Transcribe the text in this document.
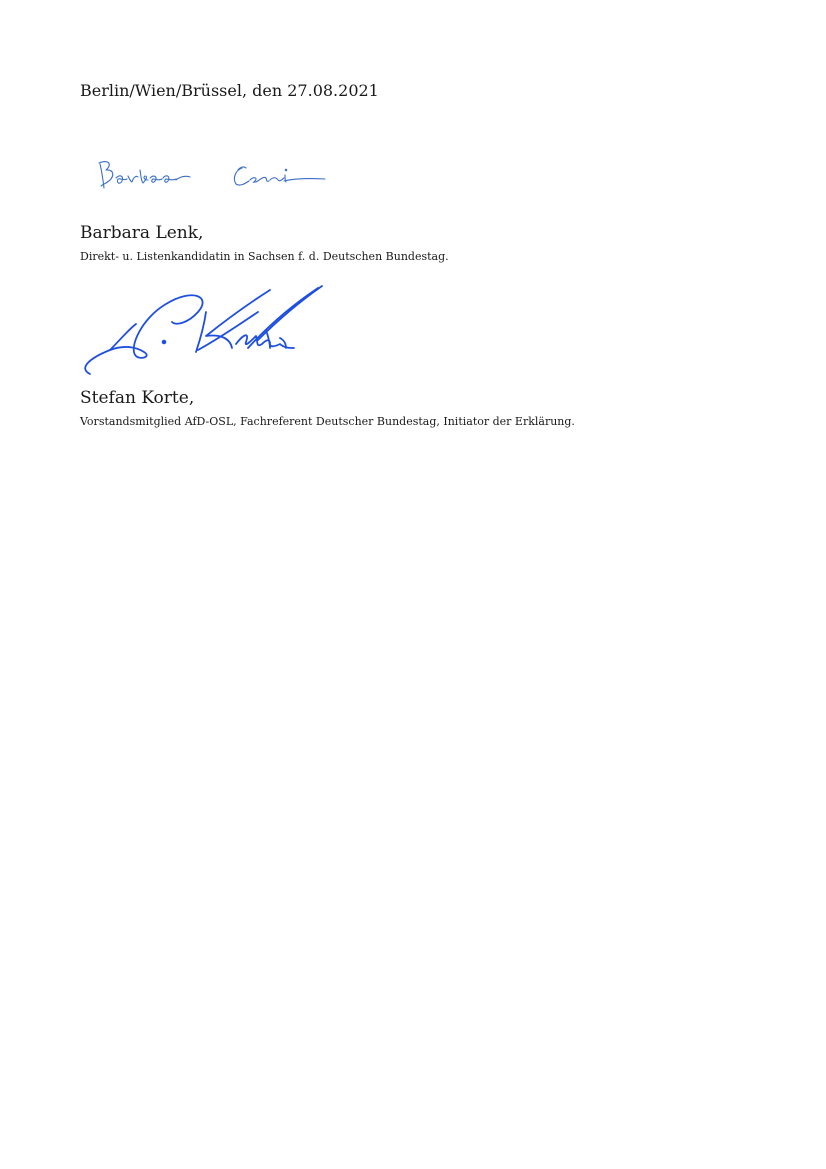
Berlin/Wien/Brüssel, den 27.08.2021
Barbara Lenk,
Direkt- u. Listenkandidatin in Sachsen f. d. Deutschen Bundestag.
Stefan Korte,
Vorstandsmitglied AfD-OSL, Fachreferent Deutscher Bundestag, Initiator der Erklärung.
